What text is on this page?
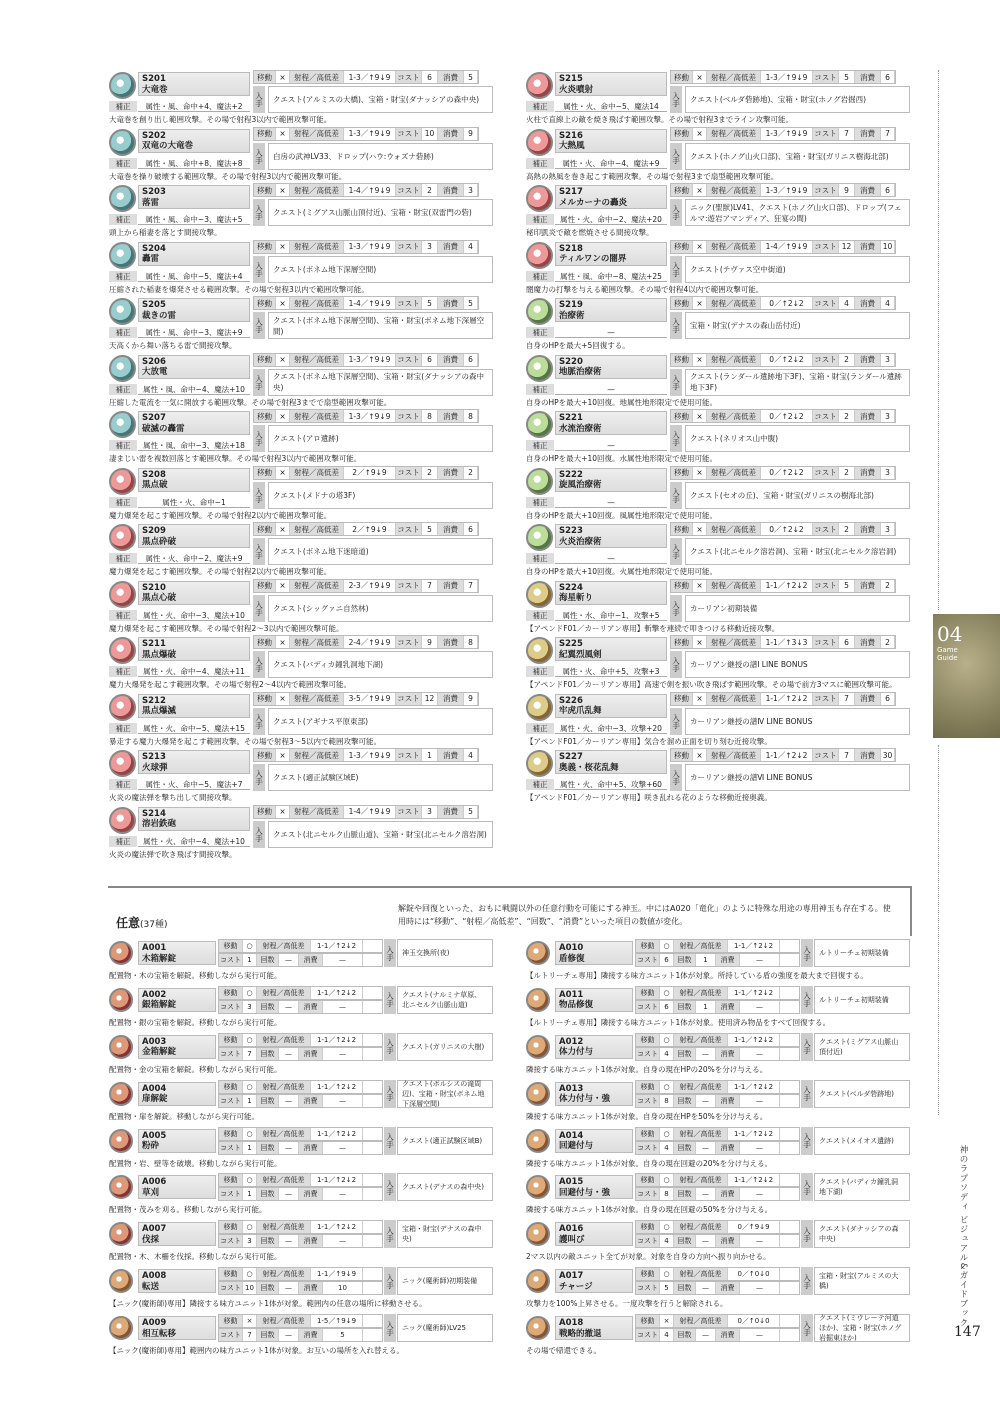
S201
大竜巻
移動 ×	射程／高低差	1-3／↑9↓9 コスト 6	消費	5
補正	属性・風、命中+4、魔法+2	入手	クエスト(アルミスの大橋)、宝箱・財宝(ダナッシアの森中央)
大竜巻を創り出し範囲攻撃。その場で射程3以内で範囲攻撃可能。
S202
双竜の大竜巻
移動 ×	射程／高低差	1-3／↑9↓9 コスト 10	消費	9
補正	属性・風、命中+8、魔法+8	入手	白房の武神LV33、ドロップ(ハウ:ウォズナ砦跡)
大竜巻を操り破壊する範囲攻撃。その場で射程3以内で範囲攻撃可能。
S203
落雷
移動 ×	射程／高低差	1-4／↑9↓9 コスト 2	消費	3
補正	属性・風、命中−3、魔法+5	入手	クエスト(ミグアス山脈山頂付近)、宝箱・財宝(双雷門の砦)
頭上から稲妻を落とす間接攻撃。
S204
轟雷
移動 ×	射程／高低差	1-3／↑9↓9 コスト 3	消費	4
補正	属性・風、命中−5、魔法+4	入手	クエスト(ボネム地下深層空間)
圧縮された稲妻を爆発させる範囲攻撃。その場で射程3以内で範囲攻撃可能。
S205
裁きの雷
移動 ×	射程／高低差	1-4／↑9↓9 コスト 5	消費	5
補正	属性・風、命中−3、魔法+9	入手	クエスト(ボネム地下深層空間)、宝箱・財宝(ボネム地下深層空間)
天高くから舞い落ちる雷で間接攻撃。
S206
大放電
移動 ×	射程／高低差	1-3／↑9↓9 コスト 6	消費	6
補正	属性・風、命中−4、魔法+10	入手	クエスト(ボネム地下深層空間)、宝箱・財宝(ダナッシアの森中央)
圧縮した電流を一気に開放する範囲攻撃。その場で射程3までで扇型範囲攻撃可能。
S207
破滅の轟雷
移動 ×	射程／高低差	1-3／↑9↓9 コスト 8	消費	8
補正	属性・風、命中−3、魔法+18	入手	クエスト(アロ遺跡)
凄まじい雷を複数回落とす範囲攻撃。その場で射程3以内で範囲攻撃可能。
S208
黒点破
移動 ×	射程／高低差	2／↑9↓9	コスト 2	消費	2
補正	属性・火、命中−1	入手	クエスト(メドナの塔3F)
魔力爆発を起こす範囲攻撃。その場で射程2以内で範囲攻撃可能。
S209
黒点砕破
移動 ×	射程／高低差	2／↑9↓9	コスト 5	消費	6
補正	属性・火、命中−2、魔法+9	入手	クエスト(ボネム地下迷暗道)
魔力爆発を起こす範囲攻撃。その場で射程2以内で範囲攻撃可能。
S210
黒点心破
移動 ×	射程／高低差	2-3／↑9↓9 コスト 7	消費	7
補正	属性・火、命中−3、魔法+10	入手	クエスト(シッグァニ自然林)
魔力爆発を起こす範囲攻撃。その場で射程2〜3以内で範囲攻撃可能。
S211
黒点爆破
移動 ×	射程／高低差	2-4／↑9↓9 コスト 9	消費	8
補正	属性・火、命中−4、魔法+11	入手	クエスト(バディカ鐘乳洞地下湖)
魔力大爆発を起こす範囲攻撃。その場で射程2〜4以内で範囲攻撃可能。
S212
黒点爆滅
移動 ×	射程／高低差	3-5／↑9↓9 コスト 12	消費	9
補正	属性・火、命中−5、魔法+15	入手	クエスト(アギナス平原東部)
暴走する魔力大爆発を起こす範囲攻撃。その場で射程3〜5以内で範囲攻撃可能。
S213
火球弾
移動 ×	射程／高低差	1-3／↑9↓9 コスト 1	消費	4
補正	属性・火、命中−5、魔法+7	入手	クエスト(適正試験区域E)
火炎の魔法弾を撃ち出して間接攻撃。
S214
溶岩鉄砲
移動 ×	射程／高低差	1-4／↑9↓9 コスト 3	消費	5
補正	属性・火、命中−4、魔法+10	入手	クエスト(北ニセルク山脈山道)、宝箱・財宝(北ニセルク溶岩洞)
火炎の魔法弾で吹き飛ばす間接攻撃。
S215
火炎噴射
移動 ×	射程／高低差	1-3／↑9↓9 コスト 5	消費	6
補正	属性・火、命中−5、魔法14	入手	クエスト(ベルダ砦跡地)、宝箱・財宝(ホノグ岩掘西)
火柱で直線上の敵を焼き飛ばす範囲攻撃。その場で射程3までライン攻撃可能。
S216
大熱風
移動 ×	射程／高低差	1-3／↑9↓9 コスト 7	消費	7
補正	属性・火、命中−4、魔法+9	入手	クエスト(ホノグ山火口部)、宝箱・財宝(ガリニス樹海北部)
高熱の熱風を巻き起こす範囲攻撃。その場で射程3まで扇型範囲攻撃可能。
S217
メルカーナの轟炎
移動 ×	射程／高低差	1-3／↑9↓9 コスト 9	消費	6
補正	属性・火、命中−2、魔法+20	入手	ニック(聖獣)LV41、クエスト(ホノグ山火口部)、ドロップ(フェルマ:遊岩アマンディア、狂宴の間)
秘印凱炎で敵を燃焼させる間接攻撃。
S218
ティルワンの闇界
移動 ×	射程／高低差	1-4／↑9↓9 コスト 12	消費	10
補正	属性・風、命中−8、魔法+25	入手	クエスト(テヴァス空中街道)
闇魔力の打撃を与える範囲攻撃。その場で射程4以内で範囲攻撃可能。
S219
治療術
移動 ×	射程／高低差	0／↑2↓2	コスト 4	消費	4
補正	—	入手	宝箱・財宝(デナスの森山岳付近)
自身のHPを最大+5回復する。
S220
地脈治療術
移動 ×	射程／高低差	0／↑2↓2	コスト 2	消費	3
補正	—	入手	クエスト(ランダール遺跡地下3F)、宝箱・財宝(ランダール遺跡地下3F)
自身のHPを最大+10回復。地属性地形限定で使用可能。
S221
水流治療術
移動 ×	射程／高低差	0／↑2↓2	コスト 2	消費	3
補正	—	入手	クエスト(ネリオス山中腹)
自身のHPを最大+10回復。水属性地形限定で使用可能。
S222
旋風治療術
移動 ×	射程／高低差	0／↑2↓2	コスト 2	消費	3
補正	—	入手	クエスト(セオの丘)、宝箱・財宝(ガリニスの樹海北部)
自身のHPを最大+10回復。風属性地形限定で使用可能。
S223
火炎治療術
移動 ×	射程／高低差	0／↑2↓2	コスト 2	消費	3
補正	—	入手	クエスト(北ニセルク溶岩洞)、宝箱・財宝(北ニセルク溶岩洞)
自身のHPを最大+10回復。火属性地形限定で使用可能。
S224
海星斬り
移動 ×	射程／高低差	1-1／↑2↓2 コスト 5	消費	2
補正	属性・水、命中−1、攻撃+5	入手	カーリアン初期装備
【アペンドF01／カーリアン専用】斬撃を連続で叩きつける移動近接攻撃。
S225
紀翼烈風剣
移動 ×	射程／高低差	1-1／↑3↓3 コスト 6	消費	2
補正	属性・火、命中+5、攻撃+3	入手	カーリアン継授の譜Ⅰ LINE BONUS
【アペンドF01／カーリアン専用】高速で剣を振い吹き飛ばす範囲攻撃。その場で前方3マスに範囲攻撃可能。
S226
牢虎爪乱舞
移動 ×	射程／高低差	1-1／↑2↓2 コスト 7	消費	6
補正	属性・火、命中−3、攻撃+20	入手	カーリアン継授の譜Ⅳ LINE BONUS
【アペンドF01／カーリアン専用】気合を溜め正面を切り刻む近接攻撃。
S227
奥義・桜花乱舞
移動 ×	射程／高低差	1-1／↑2↓2 コスト 7	消費	30
補正	属性・火、命中+5、攻撃+60	入手	カーリアン継授の譜Ⅵ LINE BONUS
【アペンドF01／カーリアン専用】咲き乱れる花のような移動近接奥義。
任意(37種)
解錠や回復といった、おもに戦闘以外の任意行動を可能にする神玉。中にはA020「竜化」のように特殊な用途の専用神玉も存在する。使用時には“移動”、“射程／高低差”、“回数”、“消費”といった項目の数値が変化。
A001
木箱解錠
移動	○	射程／高低差	1-1／↑2↓2
コスト 1	回数	—	消費	—	入手	神玉交換所(夜)
配置物・木の宝箱を解錠。移動しながら実行可能。
A002
銀箱解錠
移動	○	射程／高低差	1-1／↑2↓2
コスト 3	回数	—	消費	—	入手	クエスト(ナルミナ草原、北ニセルク山脈山道)
配置物・銀の宝箱を解錠。移動しながら実行可能。
A003
金箱解錠
移動	○	射程／高低差	1-1／↑2↓2
コスト 7	回数	—	消費	—	入手	クエスト(ガリニスの大樹)
配置物・金の宝箱を解錠。移動しながら実行可能。
A004
扉解錠
移動	○	射程／高低差	1-1／↑2↓2
コスト 1	回数	—	消費	—	入手
クエスト(ボルシスの滝周辺)、宝箱・財宝(ボネム地下深層空間)
配置物・扉を解錠。移動しながら実行可能。
A005
粉砕
移動	○	射程／高低差	1-1／↑2↓2
コスト 1	回数	—	消費	—	入手	クエスト(適正試験区域B)
配置物・岩、壁等を破壊。移動しながら実行可能。
A006
草刈
移動	○	射程／高低差	1-1／↑2↓2
コスト 1	回数	—	消費	—	入手	クエスト(デナスの森中央)
配置物・茂みを刈る。移動しながら実行可能。
A007
伐採
移動	○	射程／高低差	1-1／↑2↓2
コスト 3	回数	—	消費	—	入手	宝箱・財宝(デナスの森中央)
配置物・木、木柵を伐採。移動しながら実行可能。
A008
転送
移動	○	射程／高低差	1-1／↑9↓9
コスト 10 回数	—	消費	10	入手	ニック(魔術師)初期装備
【ニック(魔術師)専用】隣接する味方ユニット1体が対象。範囲内の任意の場所に移動させる。
A009
相互転移
移動	×	射程／高低差	1-5／↑9↓9
コスト 7	回数	—	消費	5	入手	ニック(魔術師)LV25
【ニック(魔術師)専用】範囲内の味方ユニット1体が対象。お互いの場所を入れ替える。
A010
盾修復
移動	○	射程／高低差	1-1／↑2↓2
コスト 6	回数	1	消費	—	入手	ルトリーチェ初期装備
【ルトリーチェ専用】隣接する味方ユニット1体が対象。所持している盾の強度を最大まで回復する。
A011
物品修復
移動	○	射程／高低差	1-1／↑2↓2
コスト 6	回数	1	消費	—	入手	ルトリーチェ初期装備
【ルトリーチェ専用】隣接する味方ユニット1体が対象。使用済み物品をすべて回復する。
A012
体力付与
移動	○	射程／高低差	1-1／↑2↓2
コスト 4	回数	—	消費	—	入手	クエスト(ミグアス山脈山頂付近)
隣接する味方ユニット1体が対象。自身の現在HPの20%を分け与える。
A013
体力付与・強
移動	○	射程／高低差	1-1／↑2↓2
コスト 8	回数	—	消費	—	入手	クエスト(ベルダ砦跡地)
隣接する味方ユニット1体が対象。自身の現在HPを50%を分け与える。
A014
回避付与
移動	○	射程／高低差	1-1／↑2↓2
コスト 4	回数	—	消費	—	入手	クエスト(メイオス遺跡)
隣接する味方ユニット1体が対象。自身の現在回避の20%を分け与える。
A015
回避付与・強
移動	○	射程／高低差	1-1／↑2↓2
コスト 8	回数	—	消費	—	入手	クエスト(バディカ鐘乳洞地下湖)
隣接する味方ユニット1体が対象。自身の現在回避の50%を分け与える。
A016
護叫び
移動	○	射程／高低差	0／↑9↓9
コスト 4	回数	—	消費	—	入手	クエスト(ダナッシアの森中央)
2マス以内の敵ユニット全てが対象。対象を自身の方向へ振り向かせる。
A017
チャージ
移動	○	射程／高低差	0／↑0↓0
コスト 5	回数	—	消費	—	入手	宝箱・財宝(アルミスの大橋)
攻撃力を100%上昇させる。一度攻撃を行うと解除される。
A018
戦略的撤退
移動	×	射程／高低差	0／↑0↓0
コスト 4	回数	—	消費	—	入手
クエスト(ミウレーテ河道ほか)、宝箱・財宝(ホノグ岩掘東ほか)
その場で帰還できる。
04
Game
Guide
神のラプソディ ビジュアル&ガイドブック
147
